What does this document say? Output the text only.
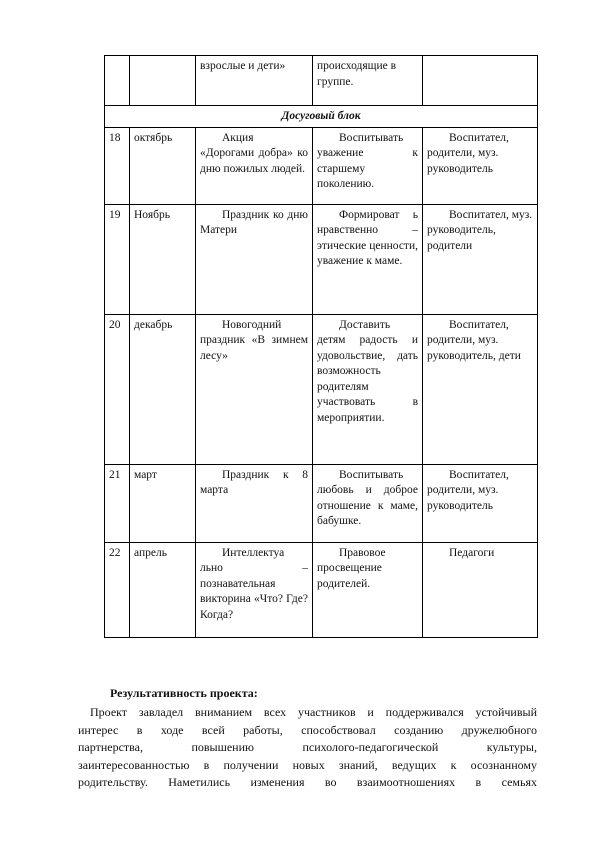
		взрослые и дети»	происходящие в группе.	
Досуговый блок				
18	октябрь	Акция «Дорогами добра» ко дню пожилых людей.	Воспитывать уважение к старшему поколению.	Воспитател, родители, муз. руководитель
19	Ноябрь	Праздник ко дню Матери	Формироват ь нравственно – этические ценности, уважение к маме.	Воспитател, муз. руководитель, родители
20	декабрь	Новогодний праздник «В зимнем лесу»	Доставить детям радость и удовольствие, дать возможность родителям участвовать в мероприятии.	Воспитател, родители, муз. руководитель, дети
21	март	Праздник к 8 марта	Воспитывать любовь и доброе отношение к маме, бабушке.	Воспитател, родители, муз. руководитель
22	апрель	Интеллектуа льно – познавательная викторина «Что? Где? Когда?	Правовое просвещение родителей.	Педагоги
Результативность проекта:

Проект завладел вниманием всех участников и поддерживался устойчивый

интерес в ходе всей работы, способствовал созданию дружелюбного

партнерства, повышению психолого-педагогической культуры,

заинтересованностью в получении новых знаний, ведущих к осознанному

родительству. Наметились изменения во взаимоотношениях в семьях
